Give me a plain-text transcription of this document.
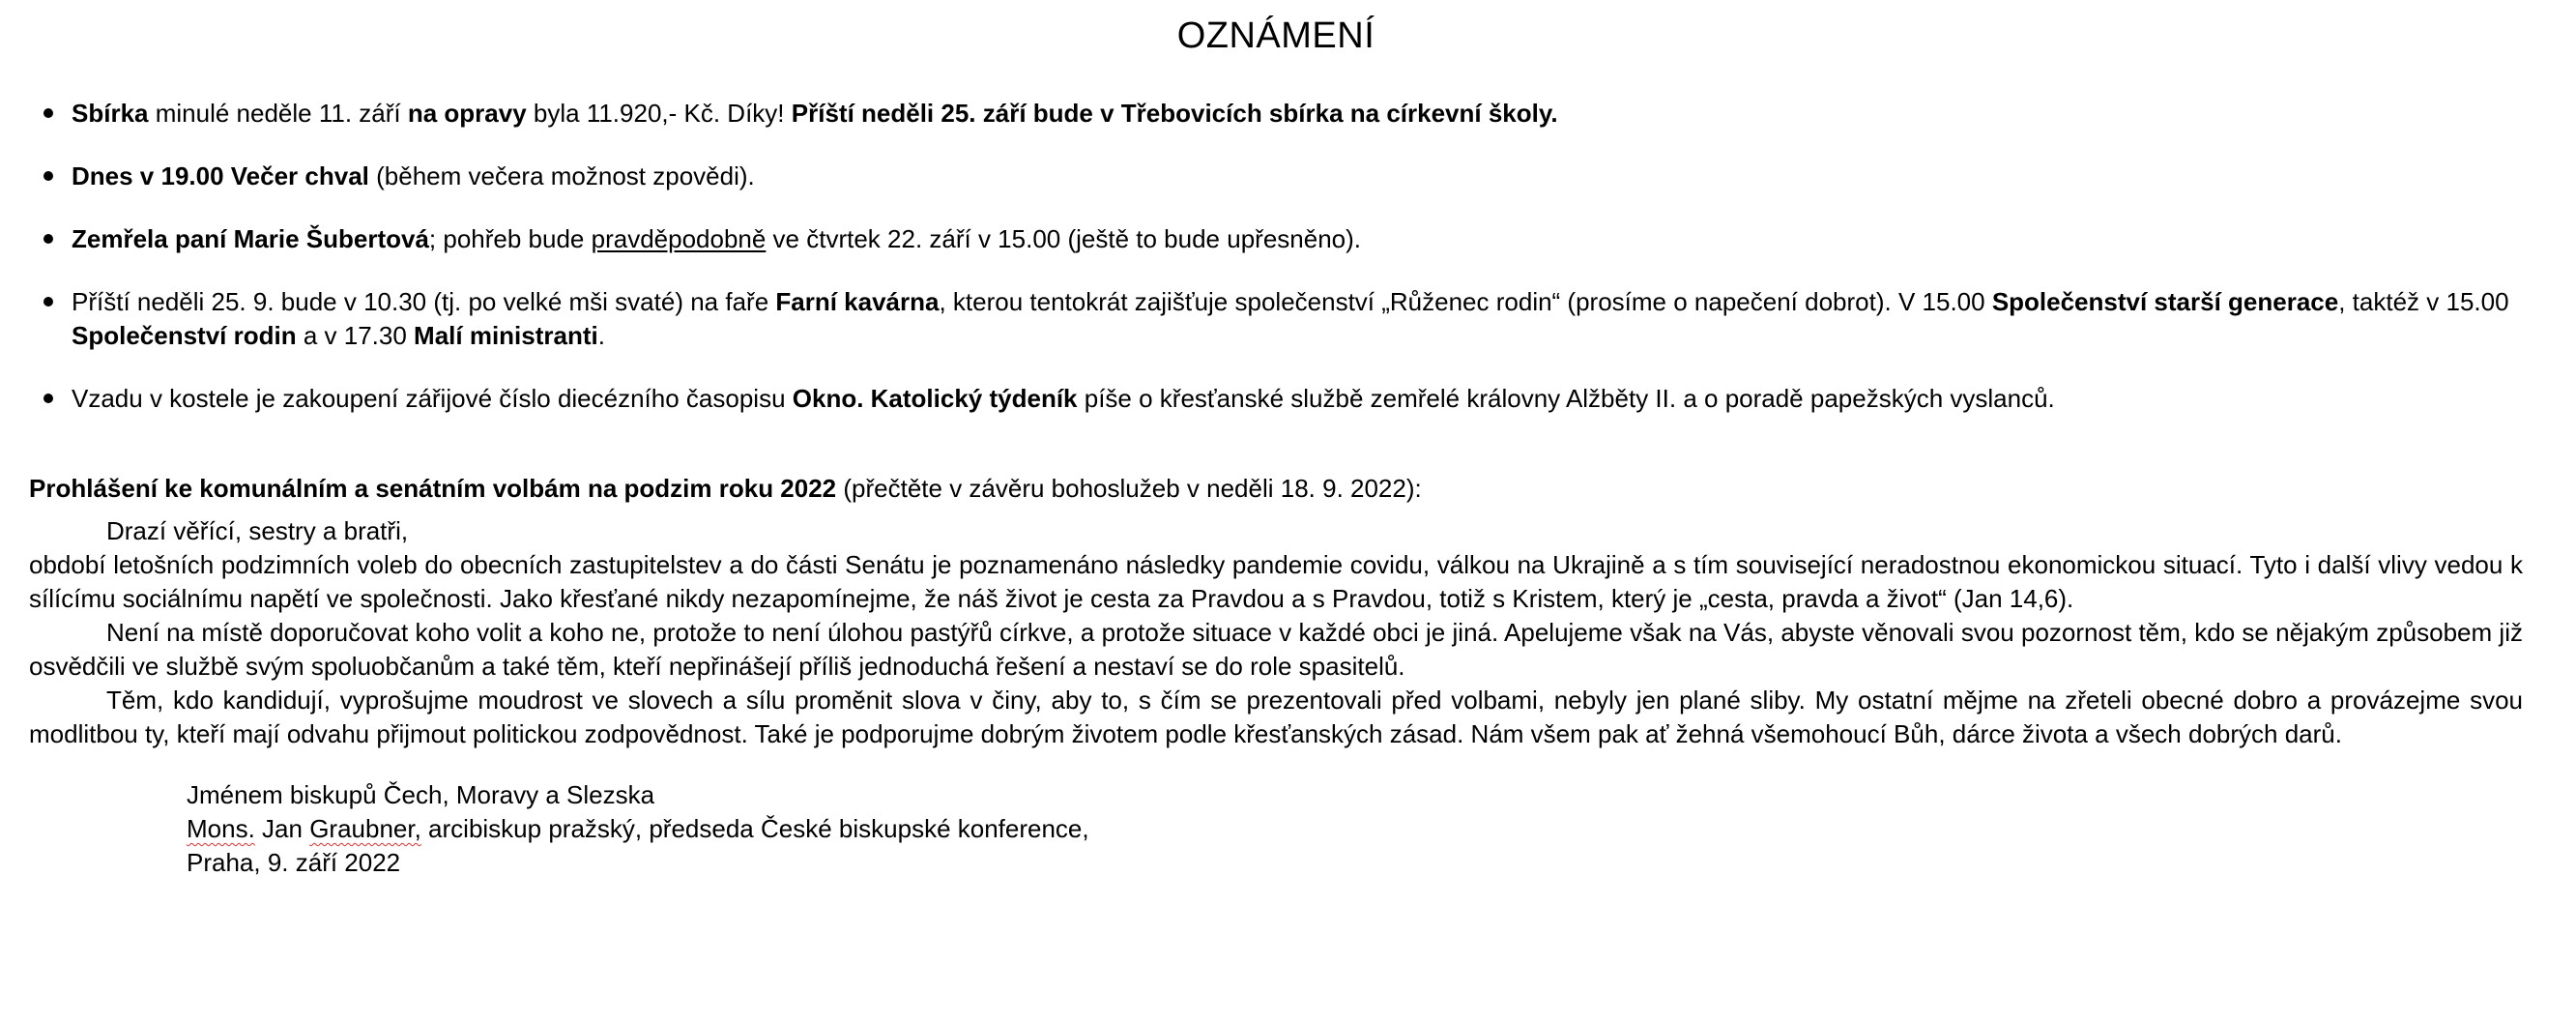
OZNÁMENÍ
Sbírka minulé neděle 11. září na opravy byla 11.920,- Kč. Díky! Příští neděli 25. září bude v Třebovicích sbírka na církevní školy.
Dnes v 19.00 Večer chval (během večera možnost zpovědi).
Zemřela paní Marie Šubertová; pohřeb bude pravděpodobně ve čtvrtek 22. září v 15.00 (ještě to bude upřesněno).
Příští neděli 25. 9. bude v 10.30 (tj. po velké mši svaté) na faře Farní kavárna, kterou tentokrát zajišťuje společenství „Růženec rodin“ (prosíme o napečení dobrot). V 15.00 Společenství starší generace, taktéž v 15.00 Společenství rodin a v 17.30 Malí ministranti.
Vzadu v kostele je zakoupení zářijové číslo diecézního časopisu Okno. Katolický týdeník píše o křesťanské službě zemřelé královny Alžběty II. a o poradě papežských vyslanců.
Prohlášení ke komunálním a senátním volbám na podzim roku 2022 (přečtěte v závěru bohoslužeb v neděli 18. 9. 2022):
Drazí věřící, sestry a bratři,
období letošních podzimních voleb do obecních zastupitelstev a do části Senátu je poznamenáno následky pandemie covidu, válkou na Ukrajině a s tím související neradostnou ekonomickou situací. Tyto i další vlivy vedou k sílícímu sociálnímu napětí ve společnosti. Jako křesťané nikdy nezapomínejme, že náš život je cesta za Pravdou a s Pravdou, totiž s Kristem, který je „cesta, pravda a život“ (Jan 14,6).
Není na místě doporučovat koho volit a koho ne, protože to není úlohou pastýřů církve, a protože situace v každé obci je jiná. Apelujeme však na Vás, abyste věnovali svou pozornost těm, kdo se nějakým způsobem již osvědčili ve službě svým spoluobčanům a také těm, kteří nepřinášejí příliš jednoduchá řešení a nestaví se do role spasitelů.
Těm, kdo kandidují, vyprošujme moudrost ve slovech a sílu proměnit slova v činy, aby to, s čím se prezentovali před volbami, nebyly jen plané sliby. My ostatní mějme na zřeteli obecné dobro a provázejme svou modlitbou ty, kteří mají odvahu přijmout politickou zodpovědnost. Také je podporujme dobrým životem podle křesťanských zásad. Nám všem pak ať žehná všemohoucí Bůh, dárce života a všech dobrých darů.
Jménem biskupů Čech, Moravy a Slezska
Mons. Jan Graubner, arcibiskup pražský, předseda České biskupské konference,
Praha, 9. září 2022
